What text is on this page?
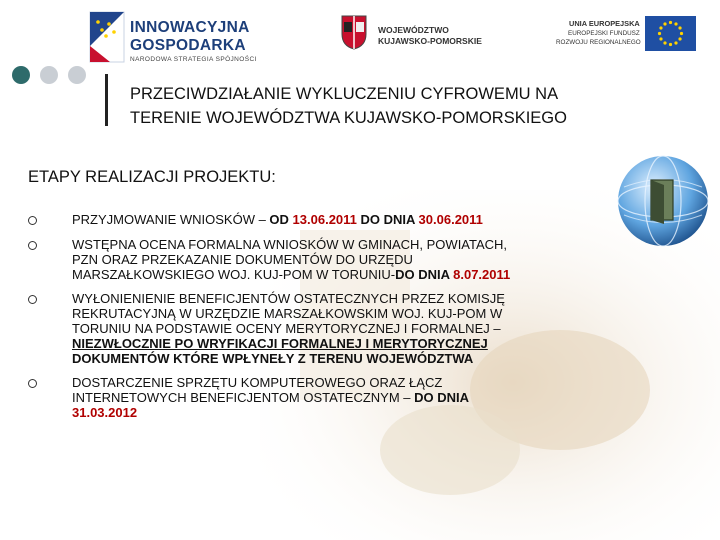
INNOWACYJNA
GOSPODARKA
NARODOWA STRATEGIA SPÓJNOŚCI
WOJEWÓDZTWO
KUJAWSKO-POMORSKIE
UNIA EUROPEJSKA
EUROPEJSKI FUNDUSZ
ROZWOJU REGIONALNEGO
PRZECIWDZIAŁANIE WYKLUCZENIU CYFROWEMU NA
TERENIE WOJEWÓDZTWA KUJAWSKO-POMORSKIEGO
ETAPY REALIZACJI PROJEKTU:
PRZYJMOWANIE WNIOSKÓW – OD 13.06.2011 DO DNIA 30.06.2011
WSTĘPNA OCENA FORMALNA WNIOSKÓW W GMINACH, POWIATACH,
PZN ORAZ PRZEKAZANIE DOKUMENTÓW DO URZĘDU
MARSZAŁKOWSKIEGO WOJ. KUJ-POM W TORUNIU-DO DNIA 8.07.2011
WYŁONIENIENIE BENEFICJENTÓW OSTATECZNYCH PRZEZ KOMISJĘ
REKRUTACYJNĄ W URZĘDZIE MARSZAŁKOWSKIM WOJ. KUJ-POM W
TORUNIU NA PODSTAWIE OCENY MERYTORYCZNEJ I FORMALNEJ –
NIEZWŁOCZNIE PO WRYFIKACJI FORMALNEJ I MERYTORYCZNEJ
DOKUMENTÓW KTÓRE WPŁYNEŁY Z TERENU WOJEWÓDZTWA
DOSTARCZENIE SPRZĘTU KOMPUTEROWEGO ORAZ ŁĄCZ
INTERNETOWYCH BENEFICJENTOM OSTATECZNYM – DO DNIA
31.03.2012
